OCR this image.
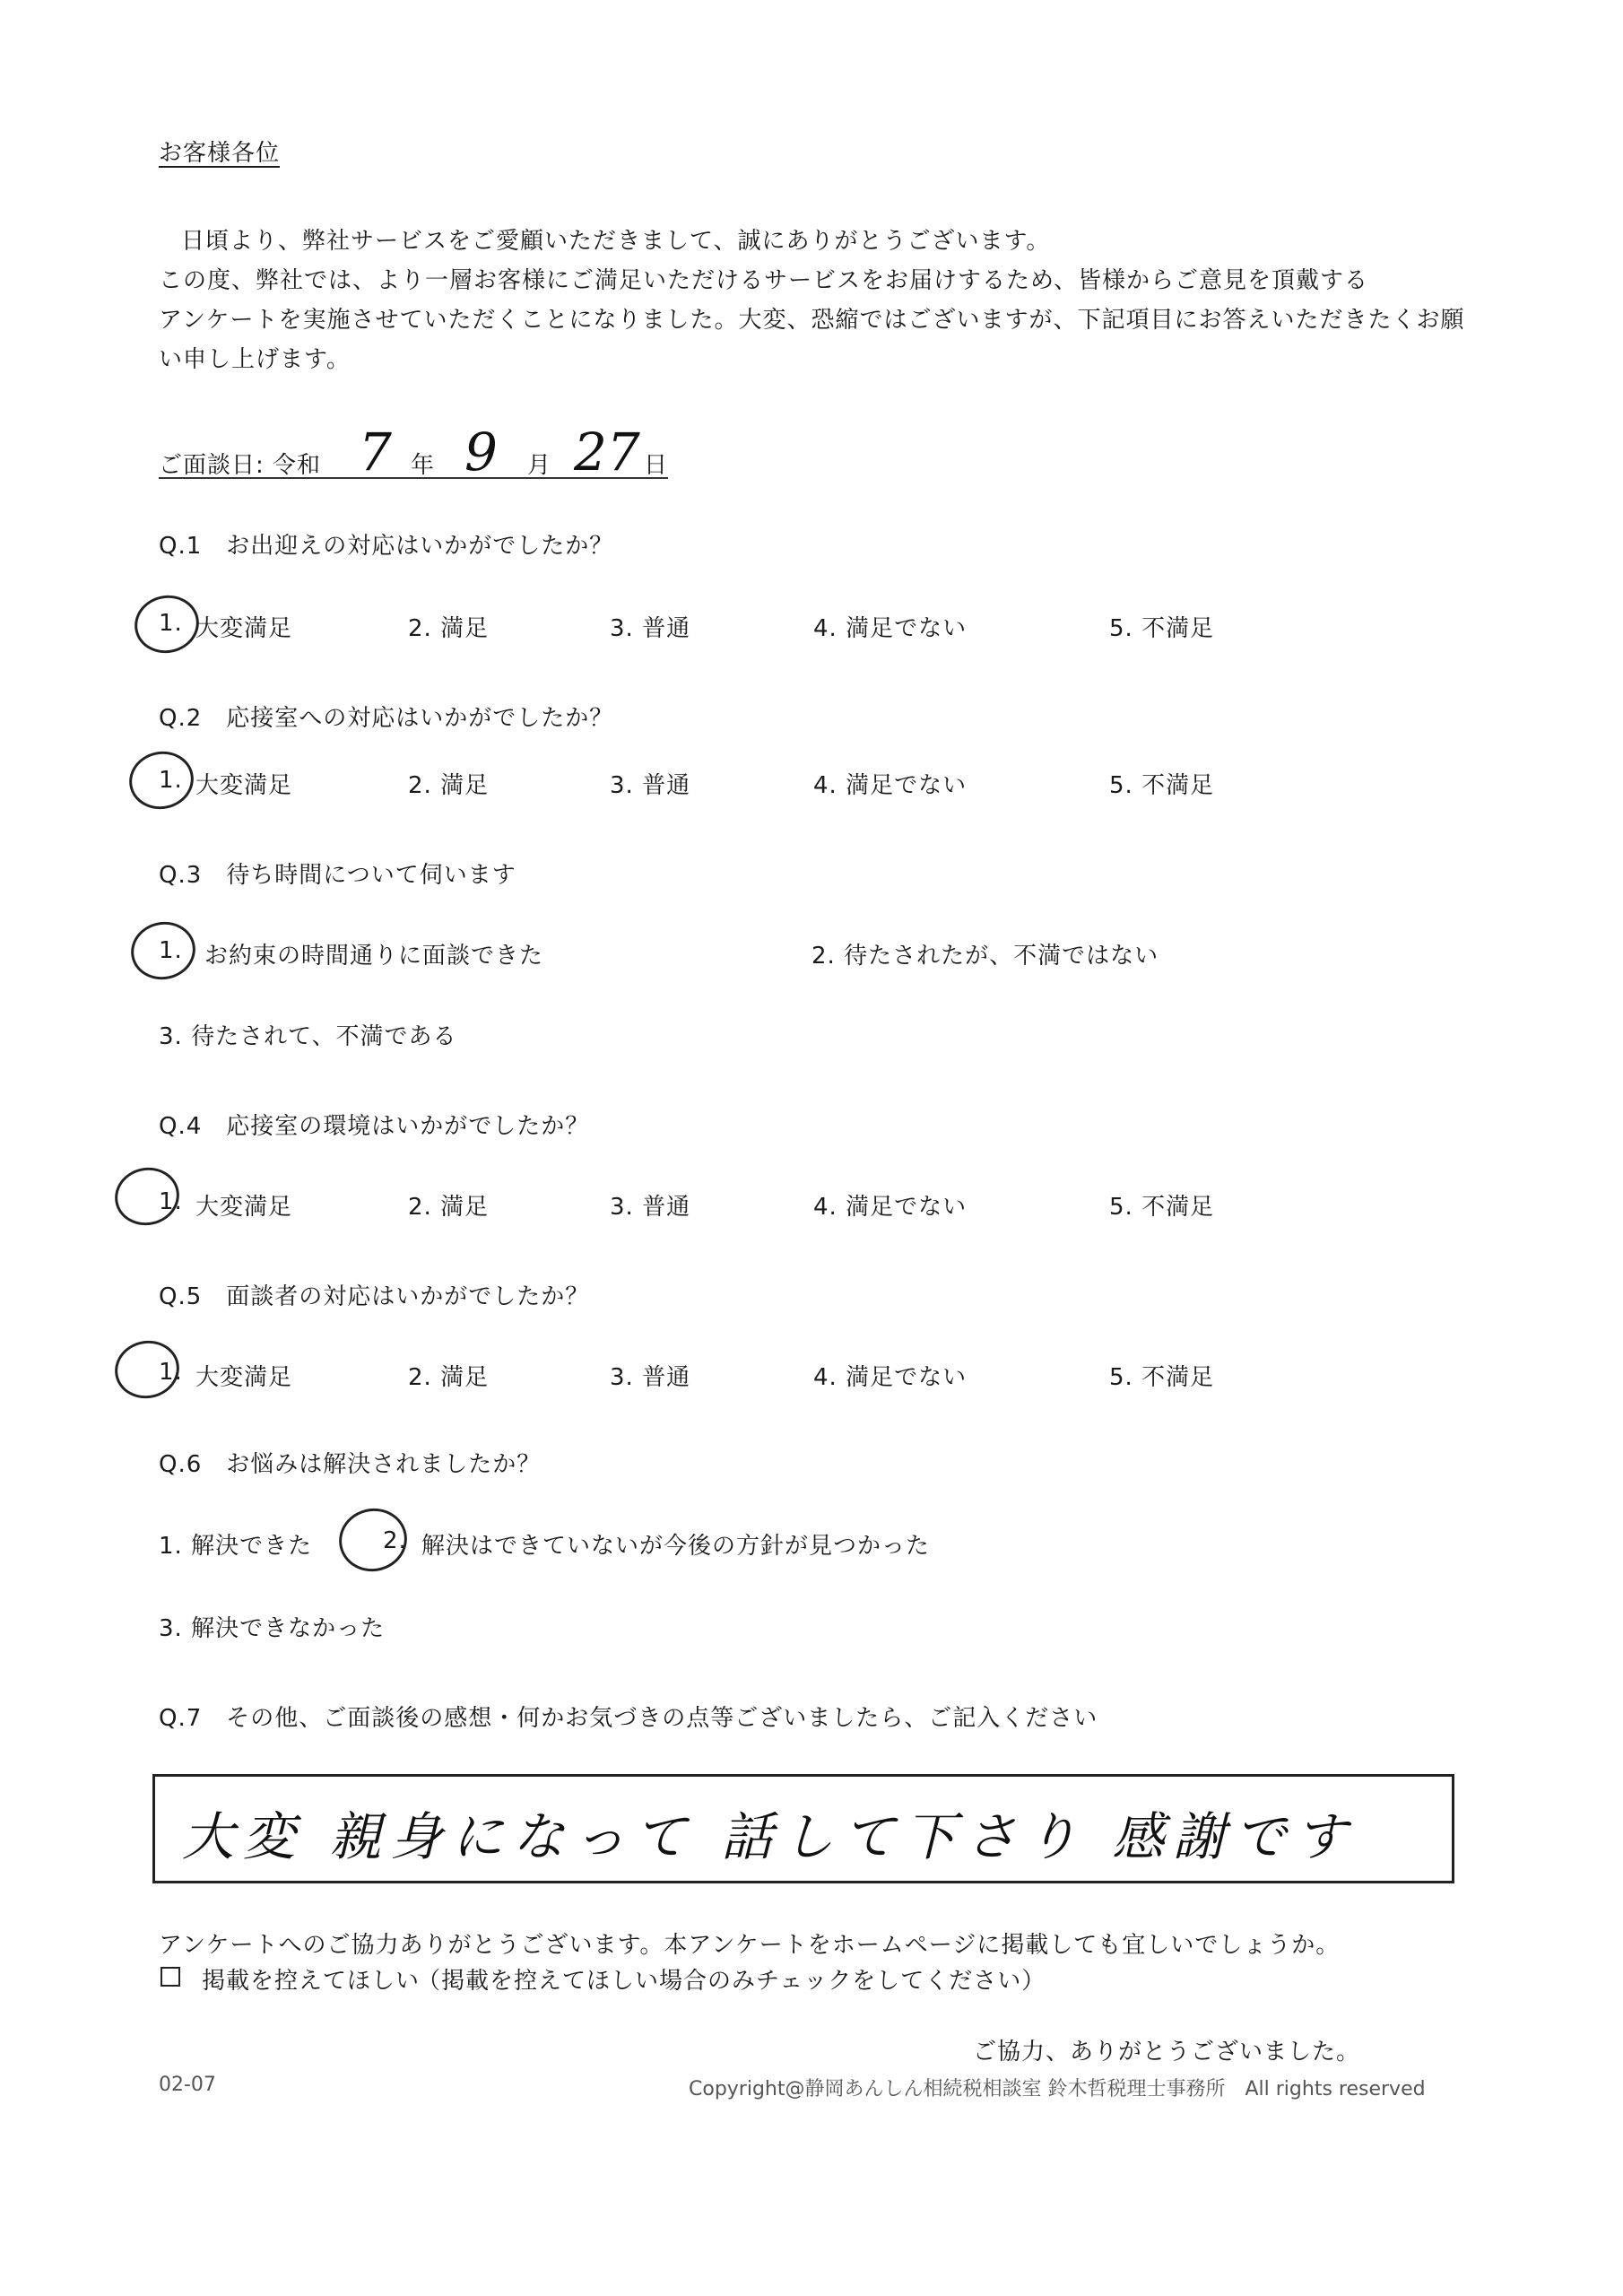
お客様各位
日頃より、弊社サービスをご愛顧いただきまして、誠にありがとうございます。
この度、弊社では、より一層お客様にご満足いただけるサービスをお届けするため、皆様からご意見を頂戴する
アンケートを実施させていただくことになりました。大変、恐縮ではございますが、下記項目にお答えいただきたくお願
い申し上げます。
ご面談日: 令和 7 年 9 月 27 日
Q.1　お出迎えの対応はいかがでしたか？
1. 大変満足	2. 満足	3. 普通	4. 満足でない	5. 不満足
Q.2　応接室への対応はいかがでしたか？
1. 大変満足	2. 満足	3. 普通	4. 満足でない	5. 不満足
Q.3　待ち時間について伺います
1. お約束の時間通りに面談できた	2. 待たされたが、不満ではない
3. 待たされて、不満である
Q.4　応接室の環境はいかがでしたか？
1. 大変満足	2. 満足	3. 普通	4. 満足でない	5. 不満足
Q.5　面談者の対応はいかがでしたか？
1. 大変満足	2. 満足	3. 普通	4. 満足でない	5. 不満足
Q.6　お悩みは解決されましたか？
1. 解決できた	2. 解決はできていないが今後の方針が見つかった
3. 解決できなかった
Q.7　その他、ご面談後の感想・何かお気づきの点等ございましたら、ご記入ください
大変 親身になって 話して下さり 感謝です
アンケートへのご協力ありがとうございます。本アンケートをホームページに掲載しても宜しいでしょうか。
掲載を控えてほしい
（掲載を控えてほしい場合のみチェックをしてください）
ご協力、ありがとうございました。
02-07	Copyright@静岡あんしん相続税相談室 鈴木哲税理士事務所　All rights reserved
